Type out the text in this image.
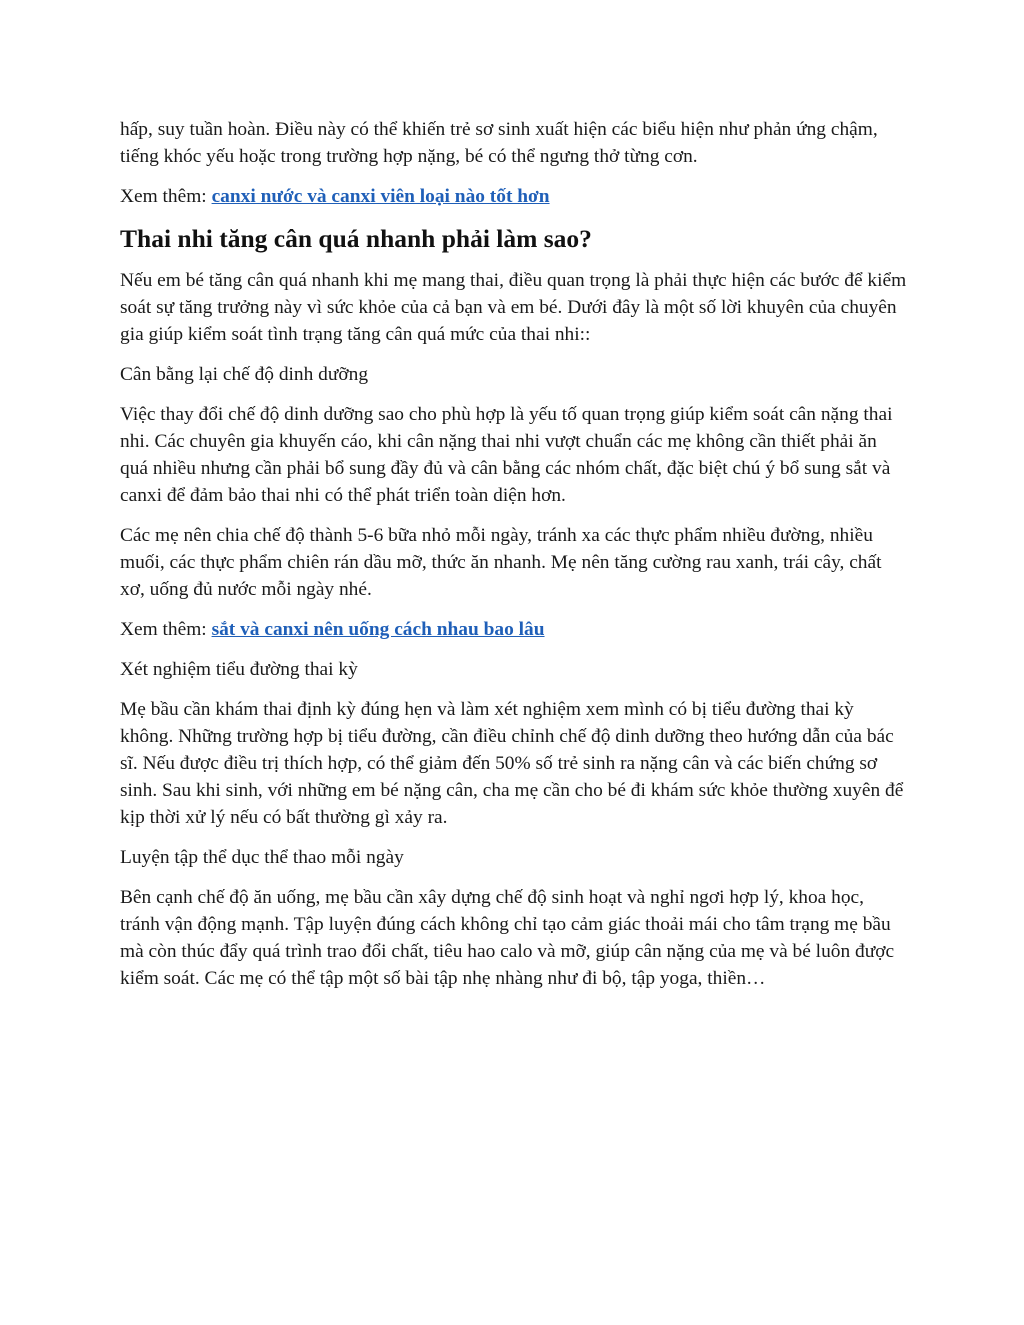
hấp, suy tuần hoàn. Điều này có thể khiến trẻ sơ sinh xuất hiện các biểu hiện như phản ứng chậm, tiếng khóc yếu hoặc trong trường hợp nặng, bé có thể ngưng thở từng cơn.

Xem thêm: canxi nước và canxi viên loại nào tốt hơn

Thai nhi tăng cân quá nhanh phải làm sao?

Nếu em bé tăng cân quá nhanh khi mẹ mang thai, điều quan trọng là phải thực hiện các bước để kiểm soát sự tăng trưởng này vì sức khỏe của cả bạn và em bé. Dưới đây là một số lời khuyên của chuyên gia giúp kiểm soát tình trạng tăng cân quá mức của thai nhi::

Cân bằng lại chế độ dinh dưỡng

Việc thay đổi chế độ dinh dưỡng sao cho phù hợp là yếu tố quan trọng giúp kiểm soát cân nặng thai nhi. Các chuyên gia khuyến cáo, khi cân nặng thai nhi vượt chuẩn các mẹ không cần thiết phải ăn quá nhiều nhưng cần phải bổ sung đầy đủ và cân bằng các nhóm chất, đặc biệt chú ý bổ sung sắt và canxi để đảm bảo thai nhi có thể phát triển toàn diện hơn.

Các mẹ nên chia chế độ thành 5-6 bữa nhỏ mỗi ngày, tránh xa các thực phẩm nhiều đường, nhiều muối, các thực phẩm chiên rán dầu mỡ, thức ăn nhanh. Mẹ nên tăng cường rau xanh, trái cây, chất xơ, uống đủ nước mỗi ngày nhé.

Xem thêm: sắt và canxi nên uống cách nhau bao lâu

Xét nghiệm tiểu đường thai kỳ

Mẹ bầu cần khám thai định kỳ đúng hẹn và làm xét nghiệm xem mình có bị tiểu đường thai kỳ không. Những trường hợp bị tiểu đường, cần điều chỉnh chế độ dinh dưỡng theo hướng dẫn của bác sĩ. Nếu được điều trị thích hợp, có thể giảm đến 50% số trẻ sinh ra nặng cân và các biến chứng sơ sinh. Sau khi sinh, với những em bé nặng cân, cha mẹ cần cho bé đi khám sức khỏe thường xuyên để kịp thời xử lý nếu có bất thường gì xảy ra.

Luyện tập thể dục thể thao mỗi ngày

Bên cạnh chế độ ăn uống, mẹ bầu cần xây dựng chế độ sinh hoạt và nghỉ ngơi hợp lý, khoa học, tránh vận động mạnh. Tập luyện đúng cách không chỉ tạo cảm giác thoải mái cho tâm trạng mẹ bầu mà còn thúc đẩy quá trình trao đổi chất, tiêu hao calo và mỡ, giúp cân nặng của mẹ và bé luôn được kiểm soát. Các mẹ có thể tập một số bài tập nhẹ nhàng như đi bộ, tập yoga, thiền…
